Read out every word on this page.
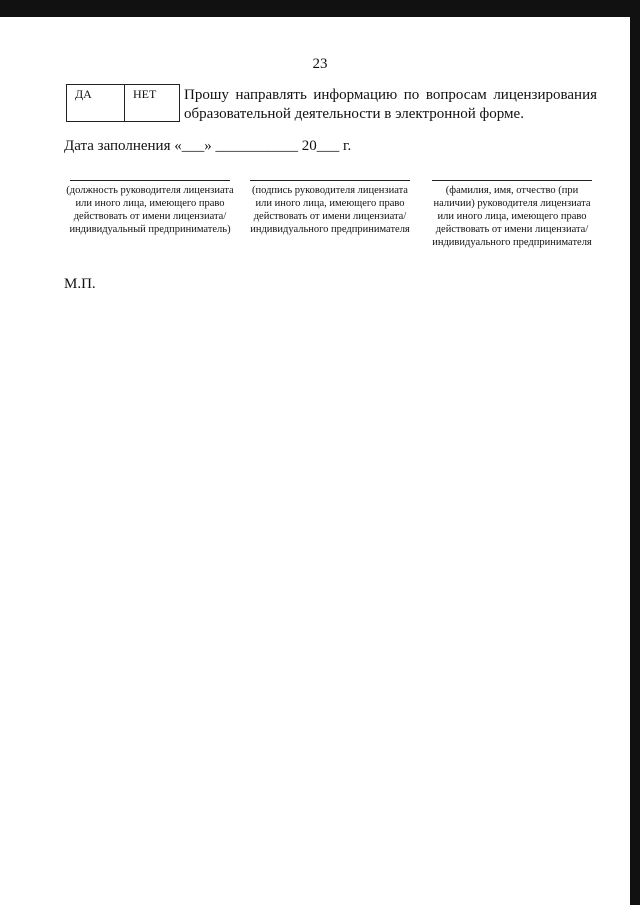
23
ДА	НЕТ	Прошу направлять информацию по вопросам лицензирования образовательной деятельности в электронной форме.
Дата заполнения «___» ___________ 20___ г.
(должность руководителя лицензиата или иного лица, имеющего право действовать от имени лицензиата/индивидуальный предприниматель)
(подпись руководителя лицензиата или иного лица, имеющего право действовать от имени лицензиата/индивидуального предпринимателя
(фамилия, имя, отчество (при наличии) руководителя лицензиата или иного лица, имеющего право действовать от имени лицензиата/индивидуального предпринимателя
М.П.
